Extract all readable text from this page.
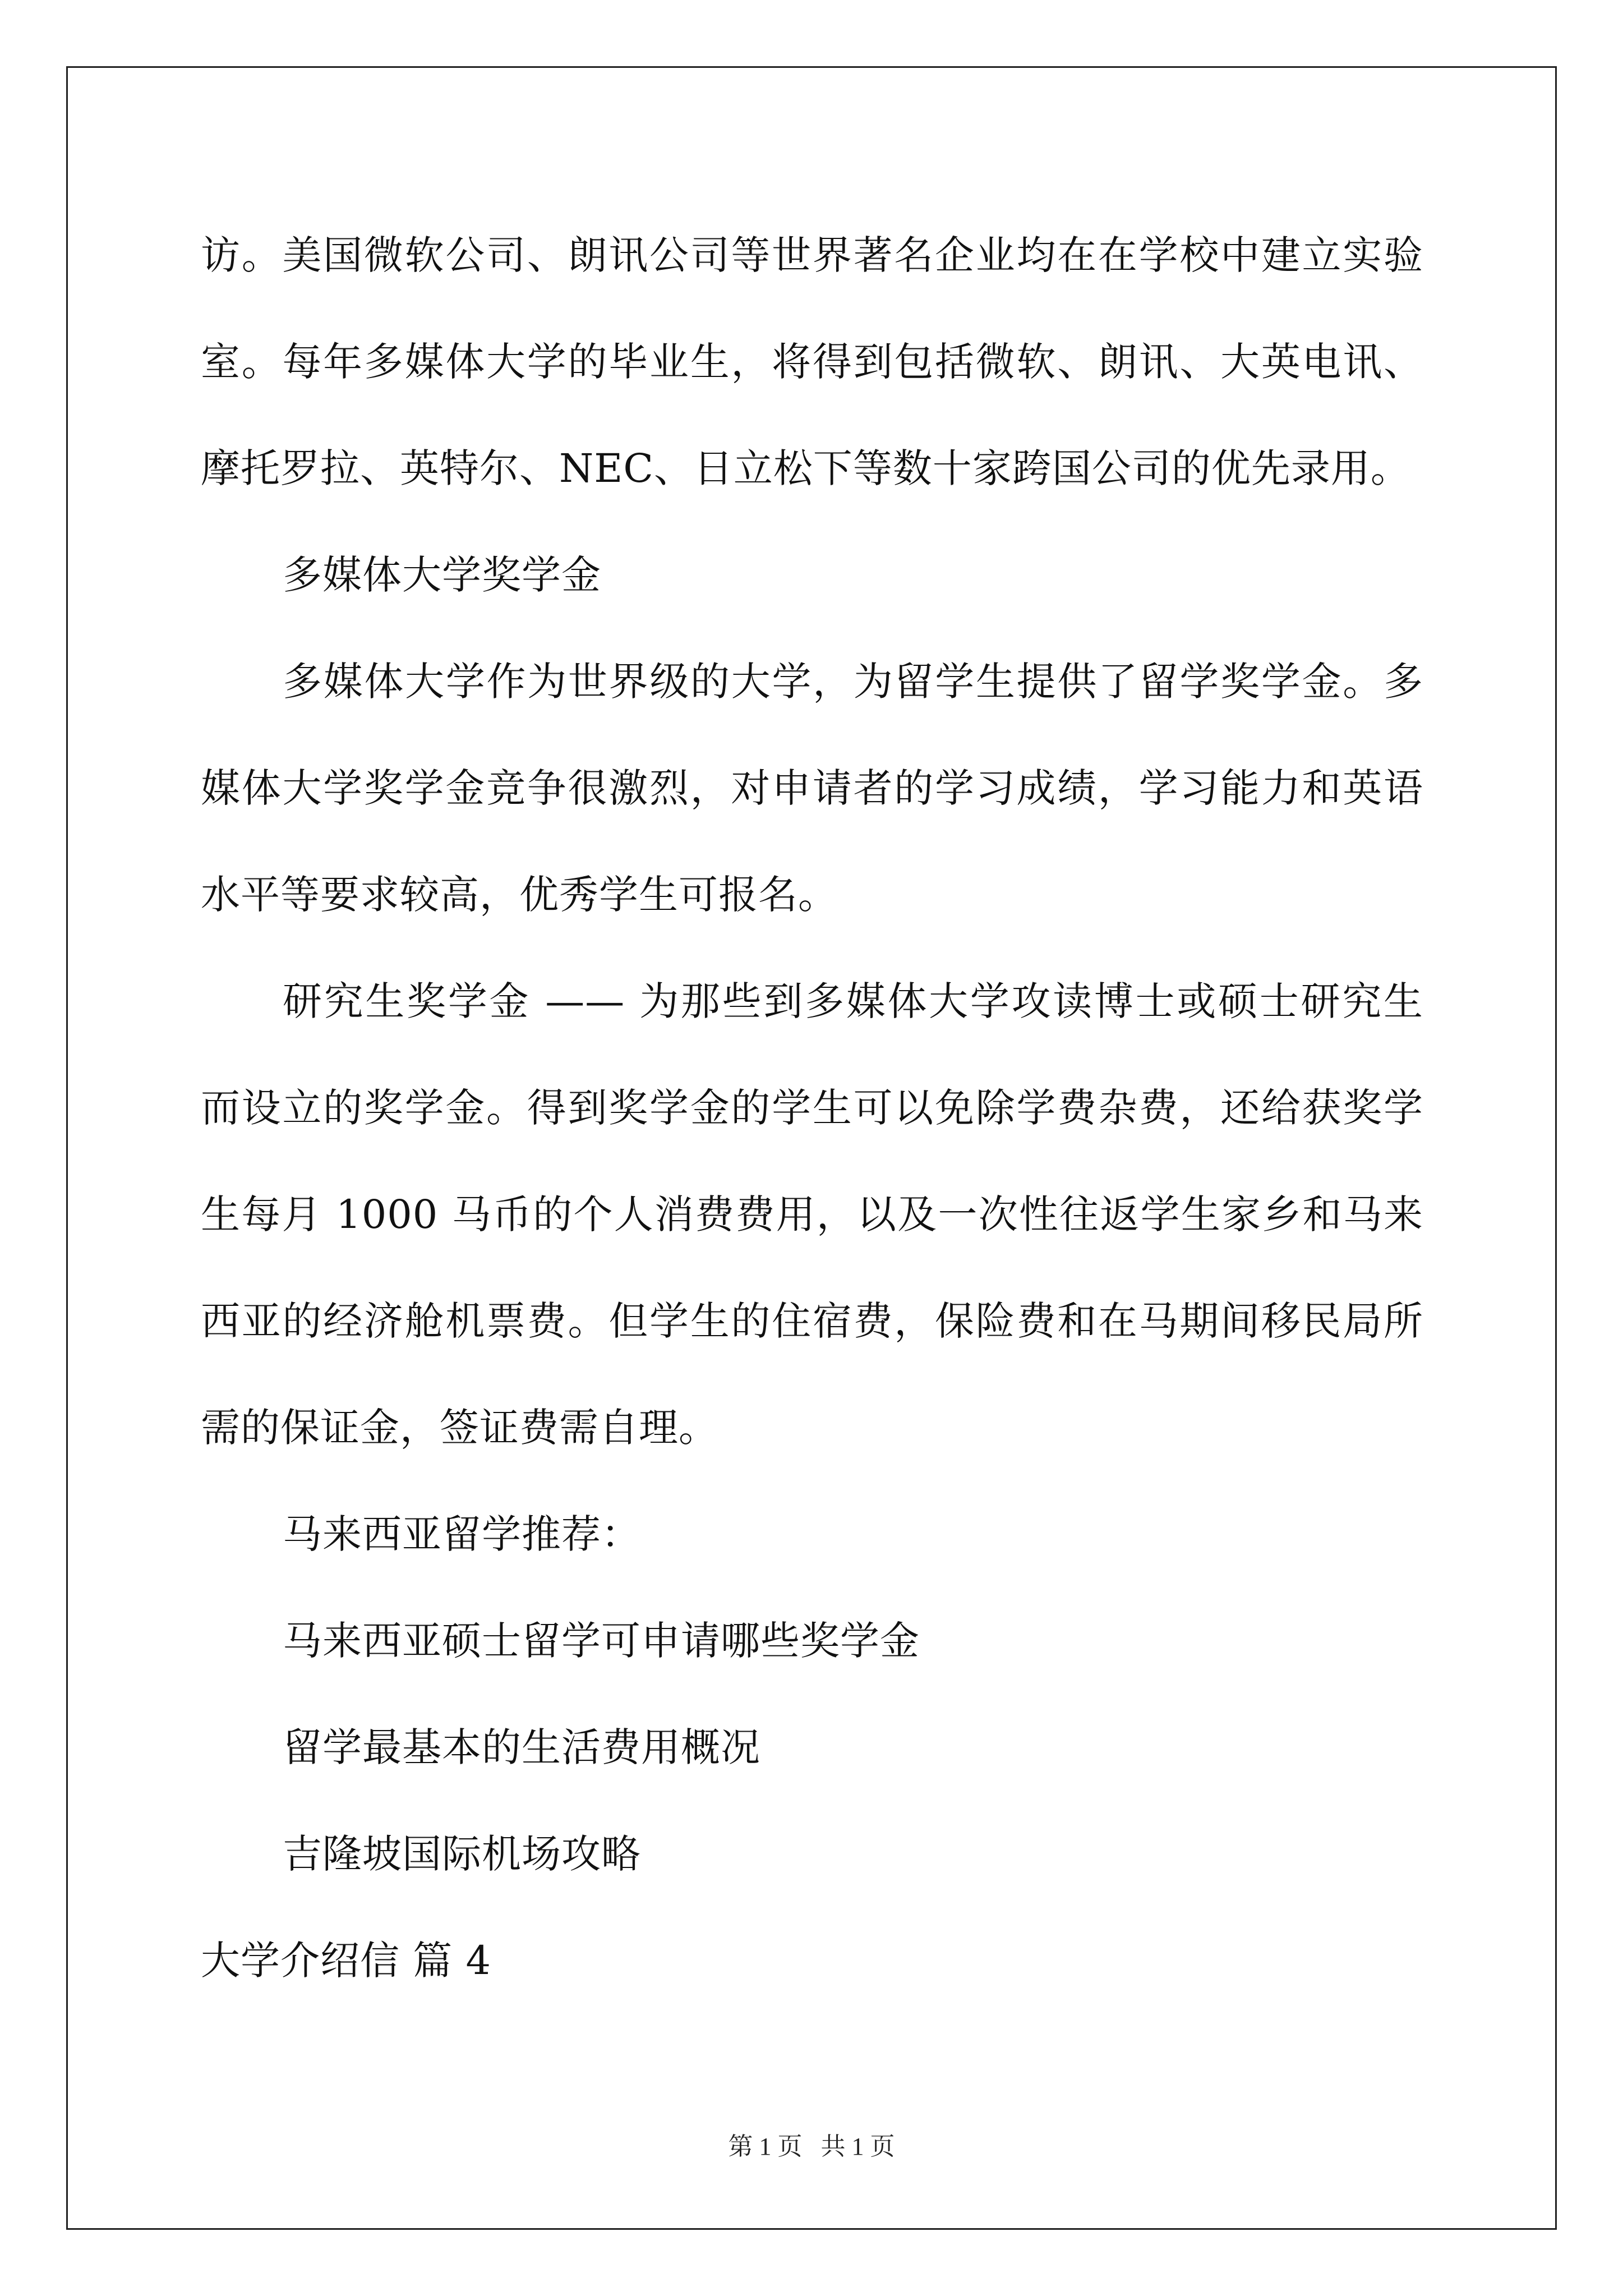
访。美国微软公司、朗讯公司等世界著名企业均在在学校中建立实验室。每年多媒体大学的毕业生，将得到包括微软、朗讯、大英电讯、摩托罗拉、英特尔、NEC、日立松下等数十家跨国公司的优先录用。

多媒体大学奖学金

多媒体大学作为世界级的大学，为留学生提供了留学奖学金。多媒体大学奖学金竞争很激烈，对申请者的学习成绩，学习能力和英语水平等要求较高，优秀学生可报名。

研究生奖学金 —— 为那些到多媒体大学攻读博士或硕士研究生而设立的奖学金。得到奖学金的学生可以免除学费杂费，还给获奖学生每月 1000 马币的个人消费费用，以及一次性往返学生家乡和马来西亚的经济舱机票费。但学生的住宿费，保险费和在马期间移民局所需的保证金，签证费需自理。

马来西亚留学推荐：

马来西亚硕士留学可申请哪些奖学金

留学最基本的生活费用概况

吉隆坡国际机场攻略

大学介绍信 篇 4

第 1 页   共 1 页
